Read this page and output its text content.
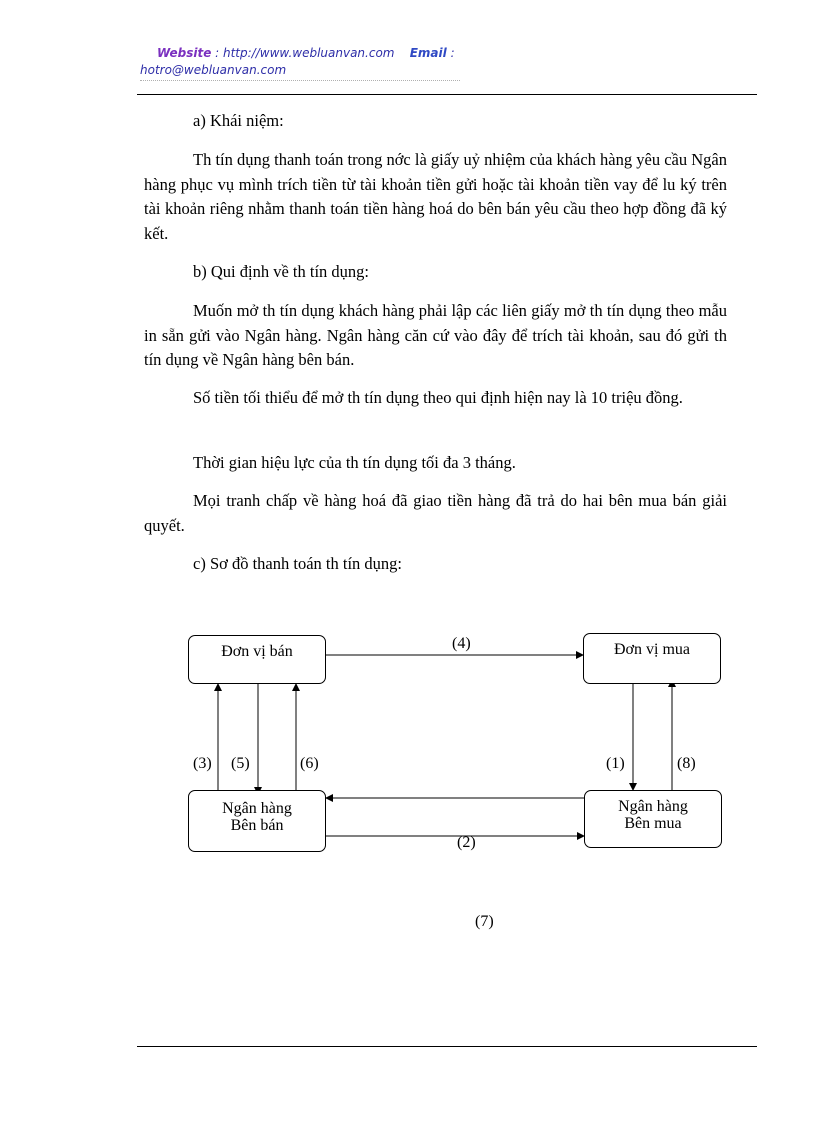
Website : http://www.webluanvan.com Email :
hotro@webluanvan.com
a) Khái niệm:
Th tín dụng thanh toán trong nớc là giấy uỷ nhiệm của khách hàng yêu cầu Ngân hàng phục vụ mình trích tiền từ tài khoản tiền gửi hoặc tài khoản tiền vay để lu ký trên tài khoản riêng nhằm thanh toán tiền hàng hoá do bên bán yêu cầu theo hợp đồng đã ký kết.
b) Qui định về th tín dụng:
Muốn mở th tín dụng khách hàng phải lập các liên giấy mở th tín dụng theo mẫu in sẵn gửi vào Ngân hàng. Ngân hàng căn cứ vào đây để trích tài khoản, sau đó gửi th tín dụng về Ngân hàng bên bán.
Số tiền tối thiểu để mở th tín dụng theo qui định hiện nay là 10 triệu đồng.
Thời gian hiệu lực của th tín dụng tối đa 3 tháng.
Mọi tranh chấp về hàng hoá đã giao tiền hàng đã trả do hai bên mua bán giải quyết.
c) Sơ đồ thanh toán th tín dụng:
Đơn vị bán	Đơn vị mua
Ngân hàng
Bên bán
Ngân hàng
Bên mua
(4)
(3) (5)	(6)	(1)	(8)
(2)
(7)
